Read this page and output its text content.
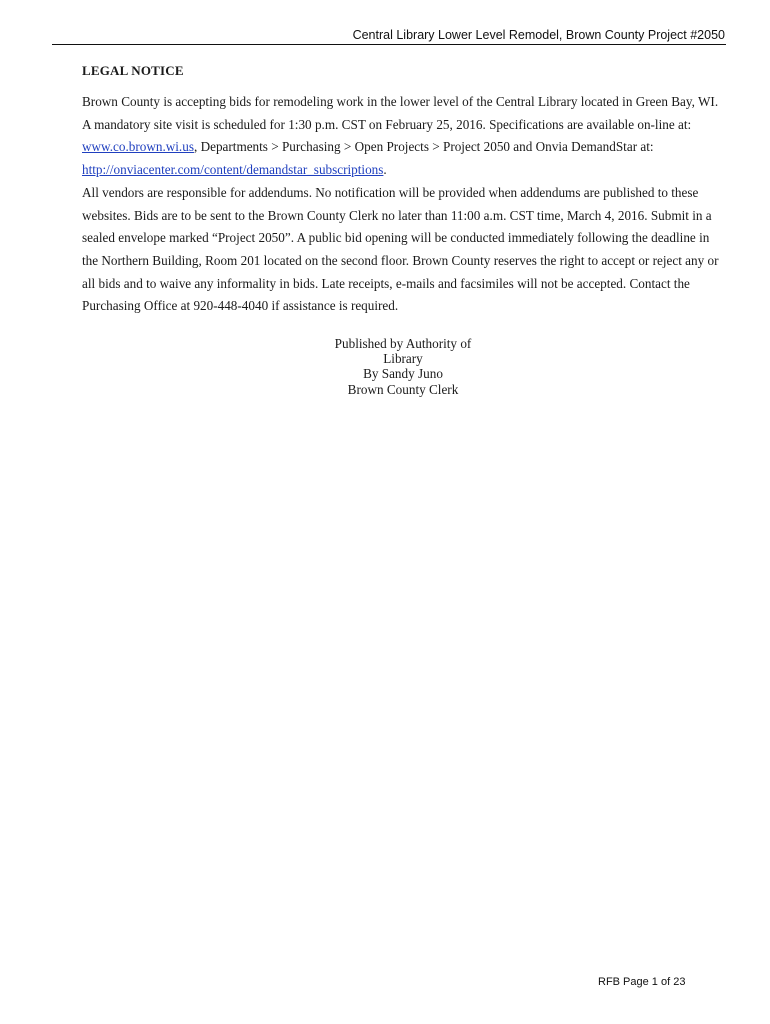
Central Library Lower Level Remodel, Brown County Project #2050
LEGAL NOTICE
Brown County is accepting bids for remodeling work in the lower level of the Central Library located in Green Bay, WI.
A mandatory site visit is scheduled for 1:30 p.m. CST on February 25, 2016. Specifications are available on-line at:
www.co.brown.wi.us, Departments > Purchasing > Open Projects > Project 2050 and Onvia DemandStar at:
http://onviacenter.com/content/demandstar_subscriptions.
All vendors are responsible for addendums. No notification will be provided when addendums are published to these
websites. Bids are to be sent to the Brown County Clerk no later than 11:00 a.m. CST time, March 4, 2016. Submit in a
sealed envelope marked “Project 2050”. A public bid opening will be conducted immediately following the deadline in
the Northern Building, Room 201 located on the second floor. Brown County reserves the right to accept or reject any or
all bids and to waive any informality in bids. Late receipts, e-mails and facsimiles will not be accepted. Contact the
Purchasing Office at 920-448-4040 if assistance is required.
Published by Authority of
Library
By Sandy Juno
Brown County Clerk
RFB Page 1 of 23
